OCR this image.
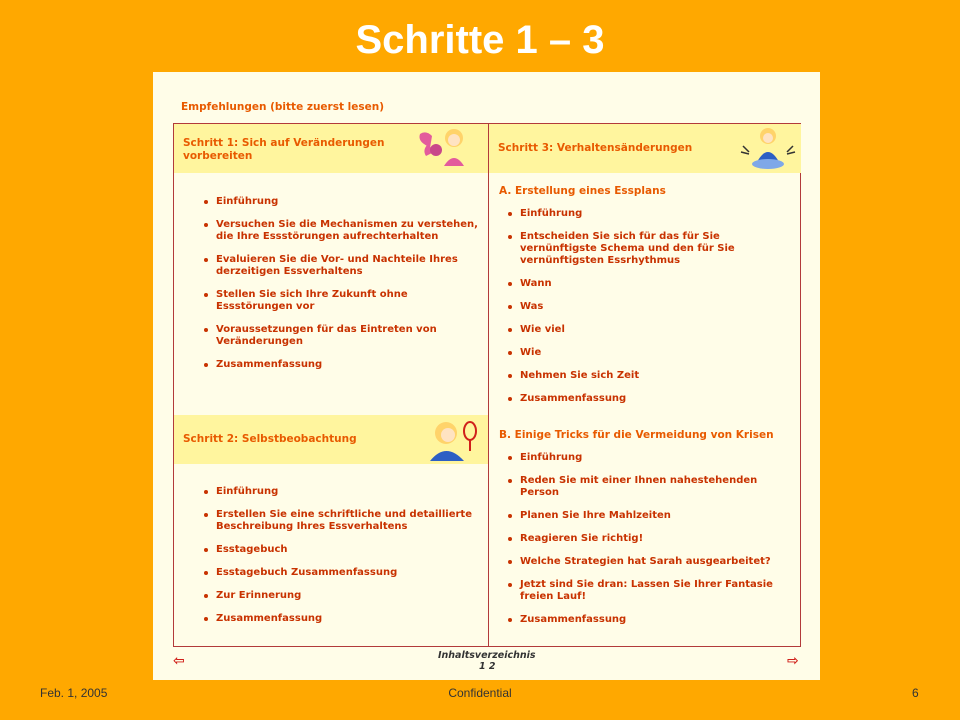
Schritte 1 – 3
Empfehlungen (bitte zuerst lesen)
Schritt 1: Sich auf Veränderungen vorbereiten
Einführung
Versuchen Sie die Mechanismen zu verstehen, die Ihre Essstörungen aufrechterhalten
Evaluieren Sie die Vor- und Nachteile Ihres derzeitigen Essverhaltens
Stellen Sie sich Ihre Zukunft ohne Essstörungen vor
Voraussetzungen für das Eintreten von Veränderungen
Zusammenfassung
Schritt 2: Selbstbeobachtung
Einführung
Erstellen Sie eine schriftliche und detaillierte Beschreibung Ihres Essverhaltens
Esstagebuch
Esstagebuch Zusammenfassung
Zur Erinnerung
Zusammenfassung
Schritt 3: Verhaltensänderungen
A. Erstellung eines Essplans
Einführung
Entscheiden Sie sich für das für Sie vernünftigste Schema und den für Sie vernünftigsten Essrhythmus
Wann
Was
Wie viel
Wie
Nehmen Sie sich Zeit
Zusammenfassung
B. Einige Tricks für die Vermeidung von Krisen
Einführung
Reden Sie mit einer Ihnen nahestehenden Person
Planen Sie Ihre Mahlzeiten
Reagieren Sie richtig!
Welche Strategien hat Sarah ausgearbeitet?
Jetzt sind Sie dran: Lassen Sie Ihrer Fantasie freien Lauf!
Zusammenfassung
⇦	Inhaltsverzeichnis
1 2	⇨
Feb. 1, 2005	Confidential	6
